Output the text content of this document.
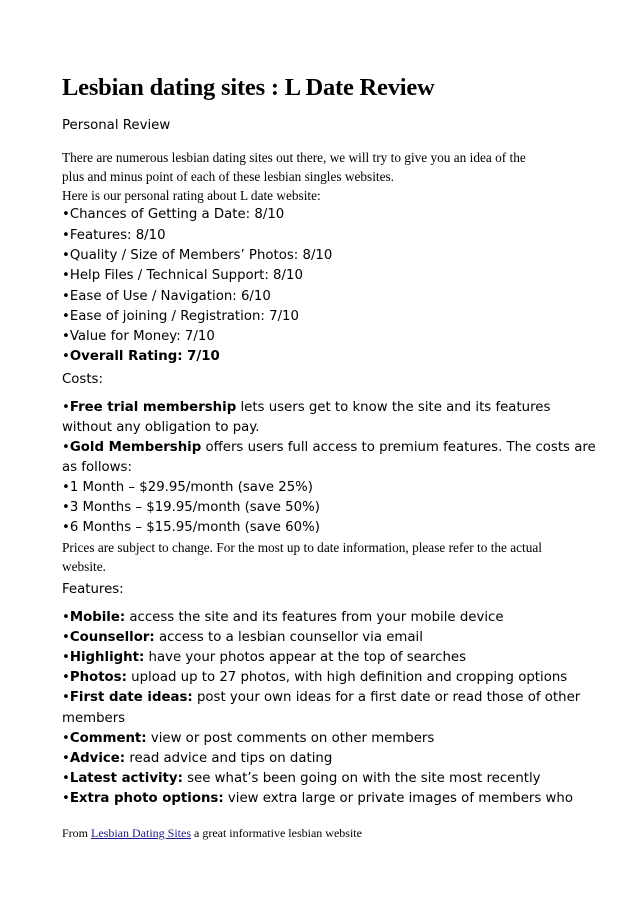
Lesbian dating sites : L Date Review
Personal Review
There are numerous lesbian dating sites out there, we will try to give you an idea of the
plus and minus point of each of these lesbian singles websites.
Here is our personal rating about L date website:
•Chances of Getting a Date: 8/10
•Features: 8/10
•Quality / Size of Members’ Photos: 8/10
•Help Files / Technical Support: 8/10
•Ease of Use / Navigation: 6/10
•Ease of joining / Registration: 7/10
•Value for Money: 7/10
•Overall Rating: 7/10
Costs:
•Free trial membership lets users get to know the site and its features
without any obligation to pay.
•Gold Membership offers users full access to premium features. The costs are
as follows:
•1 Month – $29.95/month (save 25%)
•3 Months – $19.95/month (save 50%)
•6 Months – $15.95/month (save 60%)
Prices are subject to change. For the most up to date information, please refer to the actual
website.
Features:
•Mobile: access the site and its features from your mobile device
•Counsellor: access to a lesbian counsellor via email
•Highlight: have your photos appear at the top of searches
•Photos: upload up to 27 photos, with high definition and cropping options
•First date ideas: post your own ideas for a first date or read those of other
members
•Comment: view or post comments on other members
•Advice: read advice and tips on dating
•Latest activity: see what’s been going on with the site most recently
•Extra photo options: view extra large or private images of members who
From Lesbian Dating Sites a great informative lesbian website
